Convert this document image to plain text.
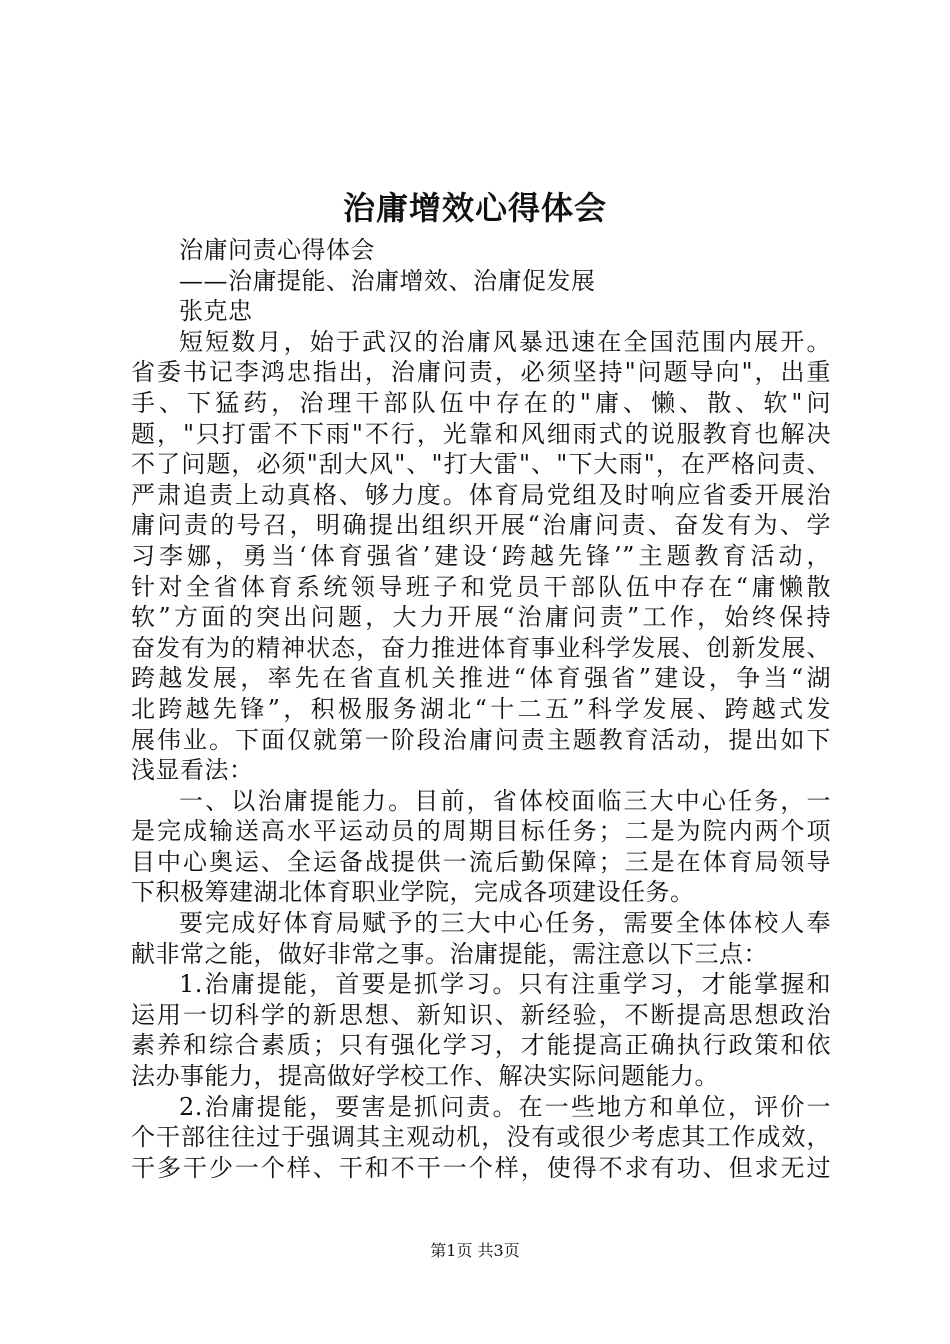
治庸增效心得体会

治庸问责心得体会

——治庸提能、治庸增效、治庸促发展

张克忠

短短数月，始于武汉的治庸风暴迅速在全国范围内展开。

省委书记李鸿忠指出，治庸问责，必须坚持"问题导向"，出重

手、下猛药，治理干部队伍中存在的"庸、懒、散、软"问

题，"只打雷不下雨"不行，光靠和风细雨式的说服教育也解决

不了问题，必须"刮大风"、"打大雷"、"下大雨"，在严格问责、

严肃追责上动真格、够力度。体育局党组及时响应省委开展治

庸问责的号召，明确提出组织开展“治庸问责、奋发有为、学

习李娜，勇当‘体育强省’建设‘跨越先锋’”主题教育活动，

针对全省体育系统领导班子和党员干部队伍中存在“庸懒散

软”方面的突出问题，大力开展“治庸问责”工作，始终保持

奋发有为的精神状态，奋力推进体育事业科学发展、创新发展、

跨越发展，率先在省直机关推进“体育强省”建设，争当“湖

北跨越先锋”，积极服务湖北“十二五”科学发展、跨越式发

展伟业。下面仅就第一阶段治庸问责主题教育活动，提出如下

浅显看法：

一、以治庸提能力。目前，省体校面临三大中心任务，一

是完成输送高水平运动员的周期目标任务；二是为院内两个项

目中心奥运、全运备战提供一流后勤保障；三是在体育局领导

下积极筹建湖北体育职业学院，完成各项建设任务。

要完成好体育局赋予的三大中心任务，需要全体体校人奉

献非常之能，做好非常之事。治庸提能，需注意以下三点：

1.治庸提能，首要是抓学习。只有注重学习，才能掌握和

运用一切科学的新思想、新知识、新经验，不断提高思想政治

素养和综合素质；只有强化学习，才能提高正确执行政策和依

法办事能力，提高做好学校工作、解决实际问题能力。

2.治庸提能，要害是抓问责。在一些地方和单位，评价一

个干部往往过于强调其主观动机，没有或很少考虑其工作成效，

干多干少一个样、干和不干一个样，使得不求有功、但求无过

第1页 共3页
